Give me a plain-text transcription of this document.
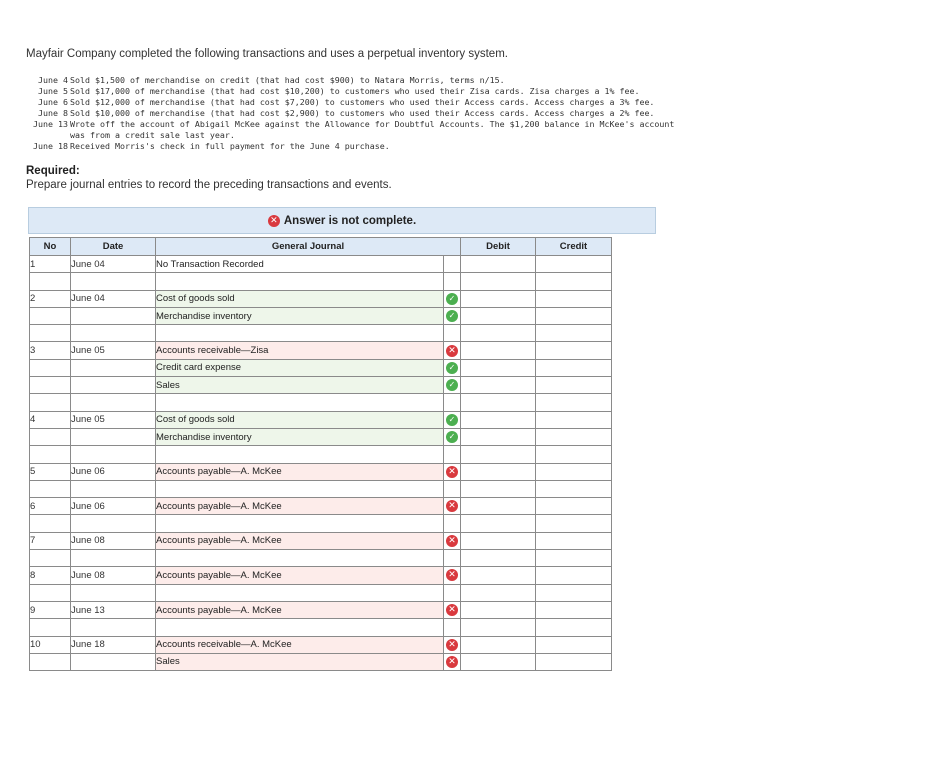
Mayfair Company completed the following transactions and uses a perpetual inventory system.
June 4 Sold $1,500 of merchandise on credit (that had cost $900) to Natara Morris, terms n/15.
June 5 Sold $17,000 of merchandise (that had cost $10,200) to customers who used their Zisa cards. Zisa charges a 1% fee.
June 6 Sold $12,000 of merchandise (that had cost $7,200) to customers who used their Access cards. Access charges a 3% fee.
June 8 Sold $10,000 of merchandise (that had cost $2,900) to customers who used their Access cards. Access charges a 2% fee.
June 13 Wrote off the account of Abigail McKee against the Allowance for Doubtful Accounts. The $1,200 balance in McKee's account
was from a credit sale last year.
June 18 Received Morris's check in full payment for the June 4 purchase.
Required:
Prepare journal entries to record the preceding transactions and events.
✕ Answer is not complete.
No	Date	General Journal		Debit	Credit
1	June 04	No Transaction Recorded			

2	June 04	Cost of goods sold	✓		
		Merchandise inventory	✓		

3	June 05	Accounts receivable—Zisa	✕		
		Credit card expense	✓		
		Sales	✓		

4	June 05	Cost of goods sold	✓		
		Merchandise inventory	✓		

5	June 06	Accounts payable—A. McKee	✕		

6	June 06	Accounts payable—A. McKee	✕		

7	June 08	Accounts payable—A. McKee	✕		

8	June 08	Accounts payable—A. McKee	✕		

9	June 13	Accounts payable—A. McKee	✕		

10	June 18	Accounts receivable—A. McKee	✕		
		Sales	✕		
